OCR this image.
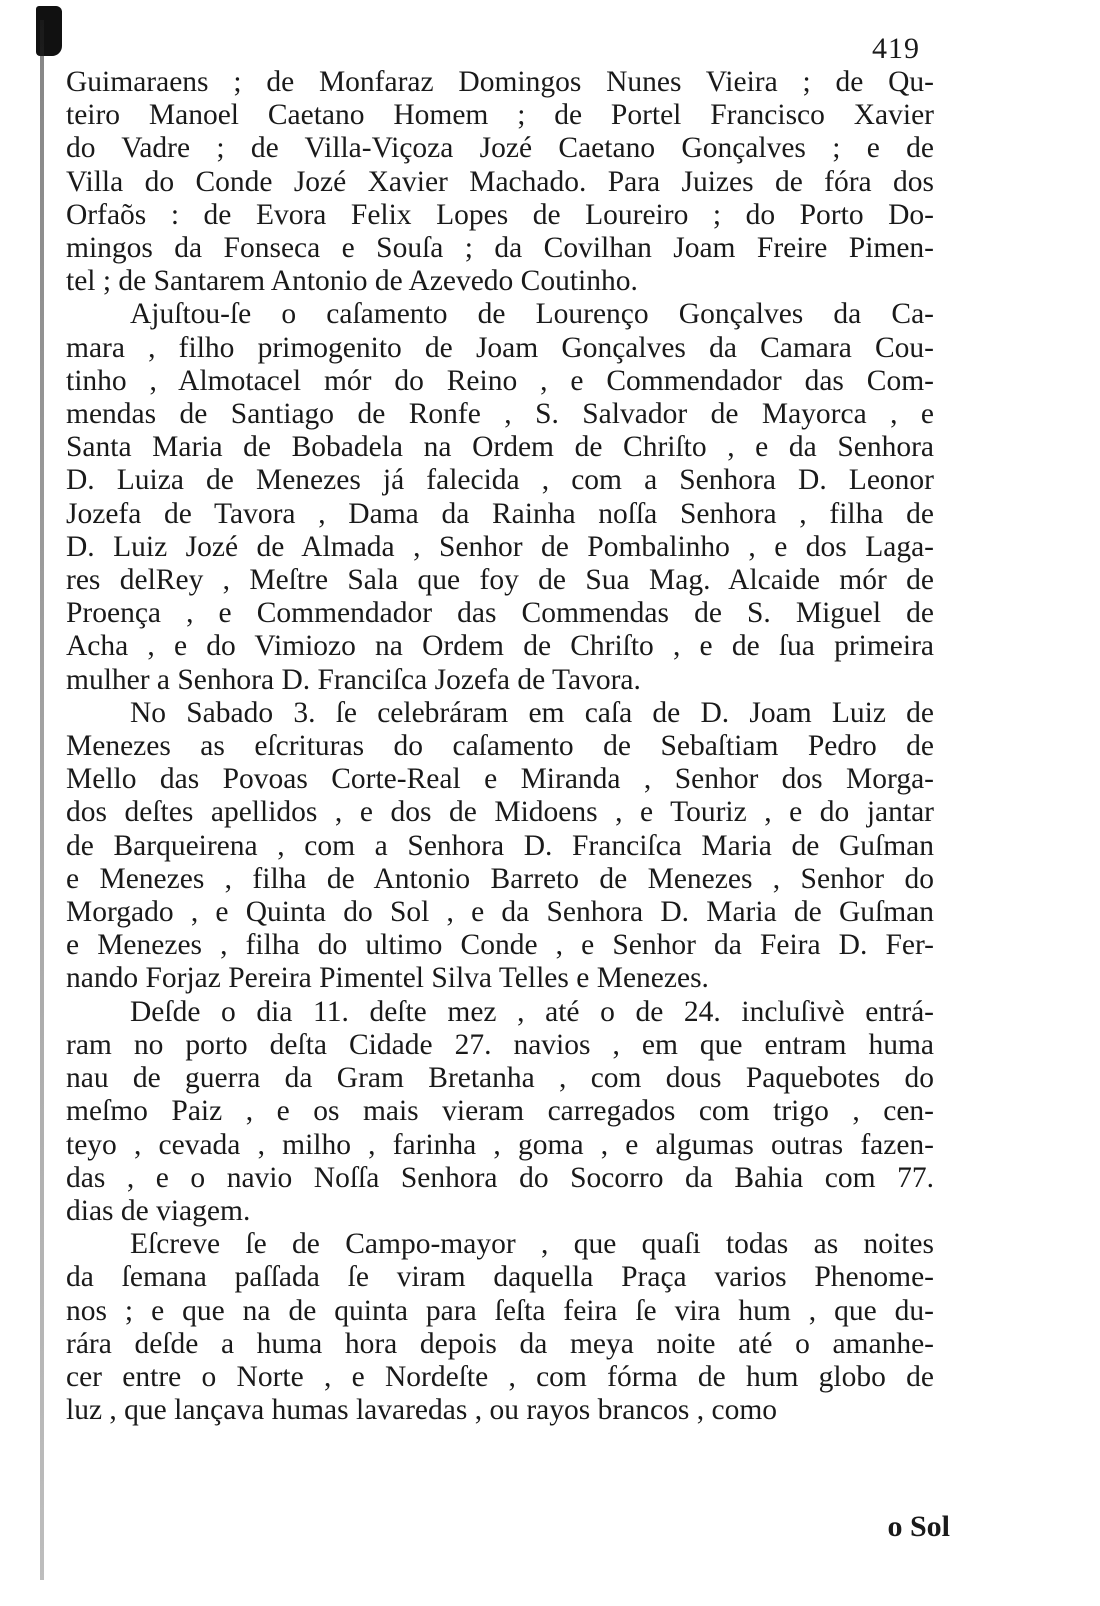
419

Guimaraens ; de Monfaraz Domingos Nunes Vieira ; de Qu-
teiro Manoel Caetano Homem ; de Portel Francisco Xavier
do Vadre ; de Villa-Viçoza Jozé Caetano Gonçalves ; e de
Villa do Conde Jozé Xavier Machado. Para Juizes de fóra dos
Orfaõs : de Evora Felix Lopes de Loureiro ; do Porto Do-
mingos da Fonseca e Souſa ; da Covilhan Joam Freire Pimen-
tel ; de Santarem Antonio de Azevedo Coutinho.

Ajuſtou-ſe o caſamento de Lourenço Gonçalves da Ca-
mara , filho primogenito de Joam Gonçalves da Camara Cou-
tinho , Almotacel mór do Reino , e Commendador das Com-
mendas de Santiago de Ronfe , S. Salvador de Mayorca , e
Santa Maria de Bobadela na Ordem de Chriſto , e da Senhora
D. Luiza de Menezes já falecida , com a Senhora D. Leonor
Jozefa de Tavora , Dama da Rainha noſſa Senhora , filha de
D. Luiz Jozé de Almada , Senhor de Pombalinho , e dos Laga-
res delRey , Meſtre Sala que foy de Sua Mag. Alcaide mór de
Proença , e Commendador das Commendas de S. Miguel de
Acha , e do Vimiozo na Ordem de Chriſto , e de ſua primeira
mulher a Senhora D. Franciſca Jozefa de Tavora.

No Sabado 3. ſe celebráram em caſa de D. Joam Luiz de
Menezes as eſcrituras do caſamento de Sebaſtiam Pedro de
Mello das Povoas Corte-Real e Miranda , Senhor dos Morga-
dos deſtes apellidos , e dos de Midoens , e Touriz , e do jantar
de Barqueirena , com a Senhora D. Franciſca Maria de Guſman
e Menezes , filha de Antonio Barreto de Menezes , Senhor do
Morgado , e Quinta do Sol , e da Senhora D. Maria de Guſman
e Menezes , filha do ultimo Conde , e Senhor da Feira D. Fer-
nando Forjaz Pereira Pimentel Silva Telles e Menezes.

Deſde o dia 11. deſte mez , até o de 24. incluſivè entrá-
ram no porto deſta Cidade 27. navios , em que entram huma
nau de guerra da Gram Bretanha , com dous Paquebotes do
meſmo Paiz , e os mais vieram carregados com trigo , cen-
teyo , cevada , milho , farinha , goma , e algumas outras fazen-
das , e o navio Noſſa Senhora do Socorro da Bahia com 77.
dias de viagem.

Eſcreve ſe de Campo-mayor , que quaſi todas as noites
da ſemana paſſada ſe viram daquella Praça varios Phenome-
nos ; e que na de quinta para ſeſta feira ſe vira hum , que du-
rára deſde a huma hora depois da meya noite até o amanhe-
cer entre o Norte , e Nordeſte , com fórma de hum globo de
luz , que lançava humas lavaredas , ou rayos brancos , como

o Sol
